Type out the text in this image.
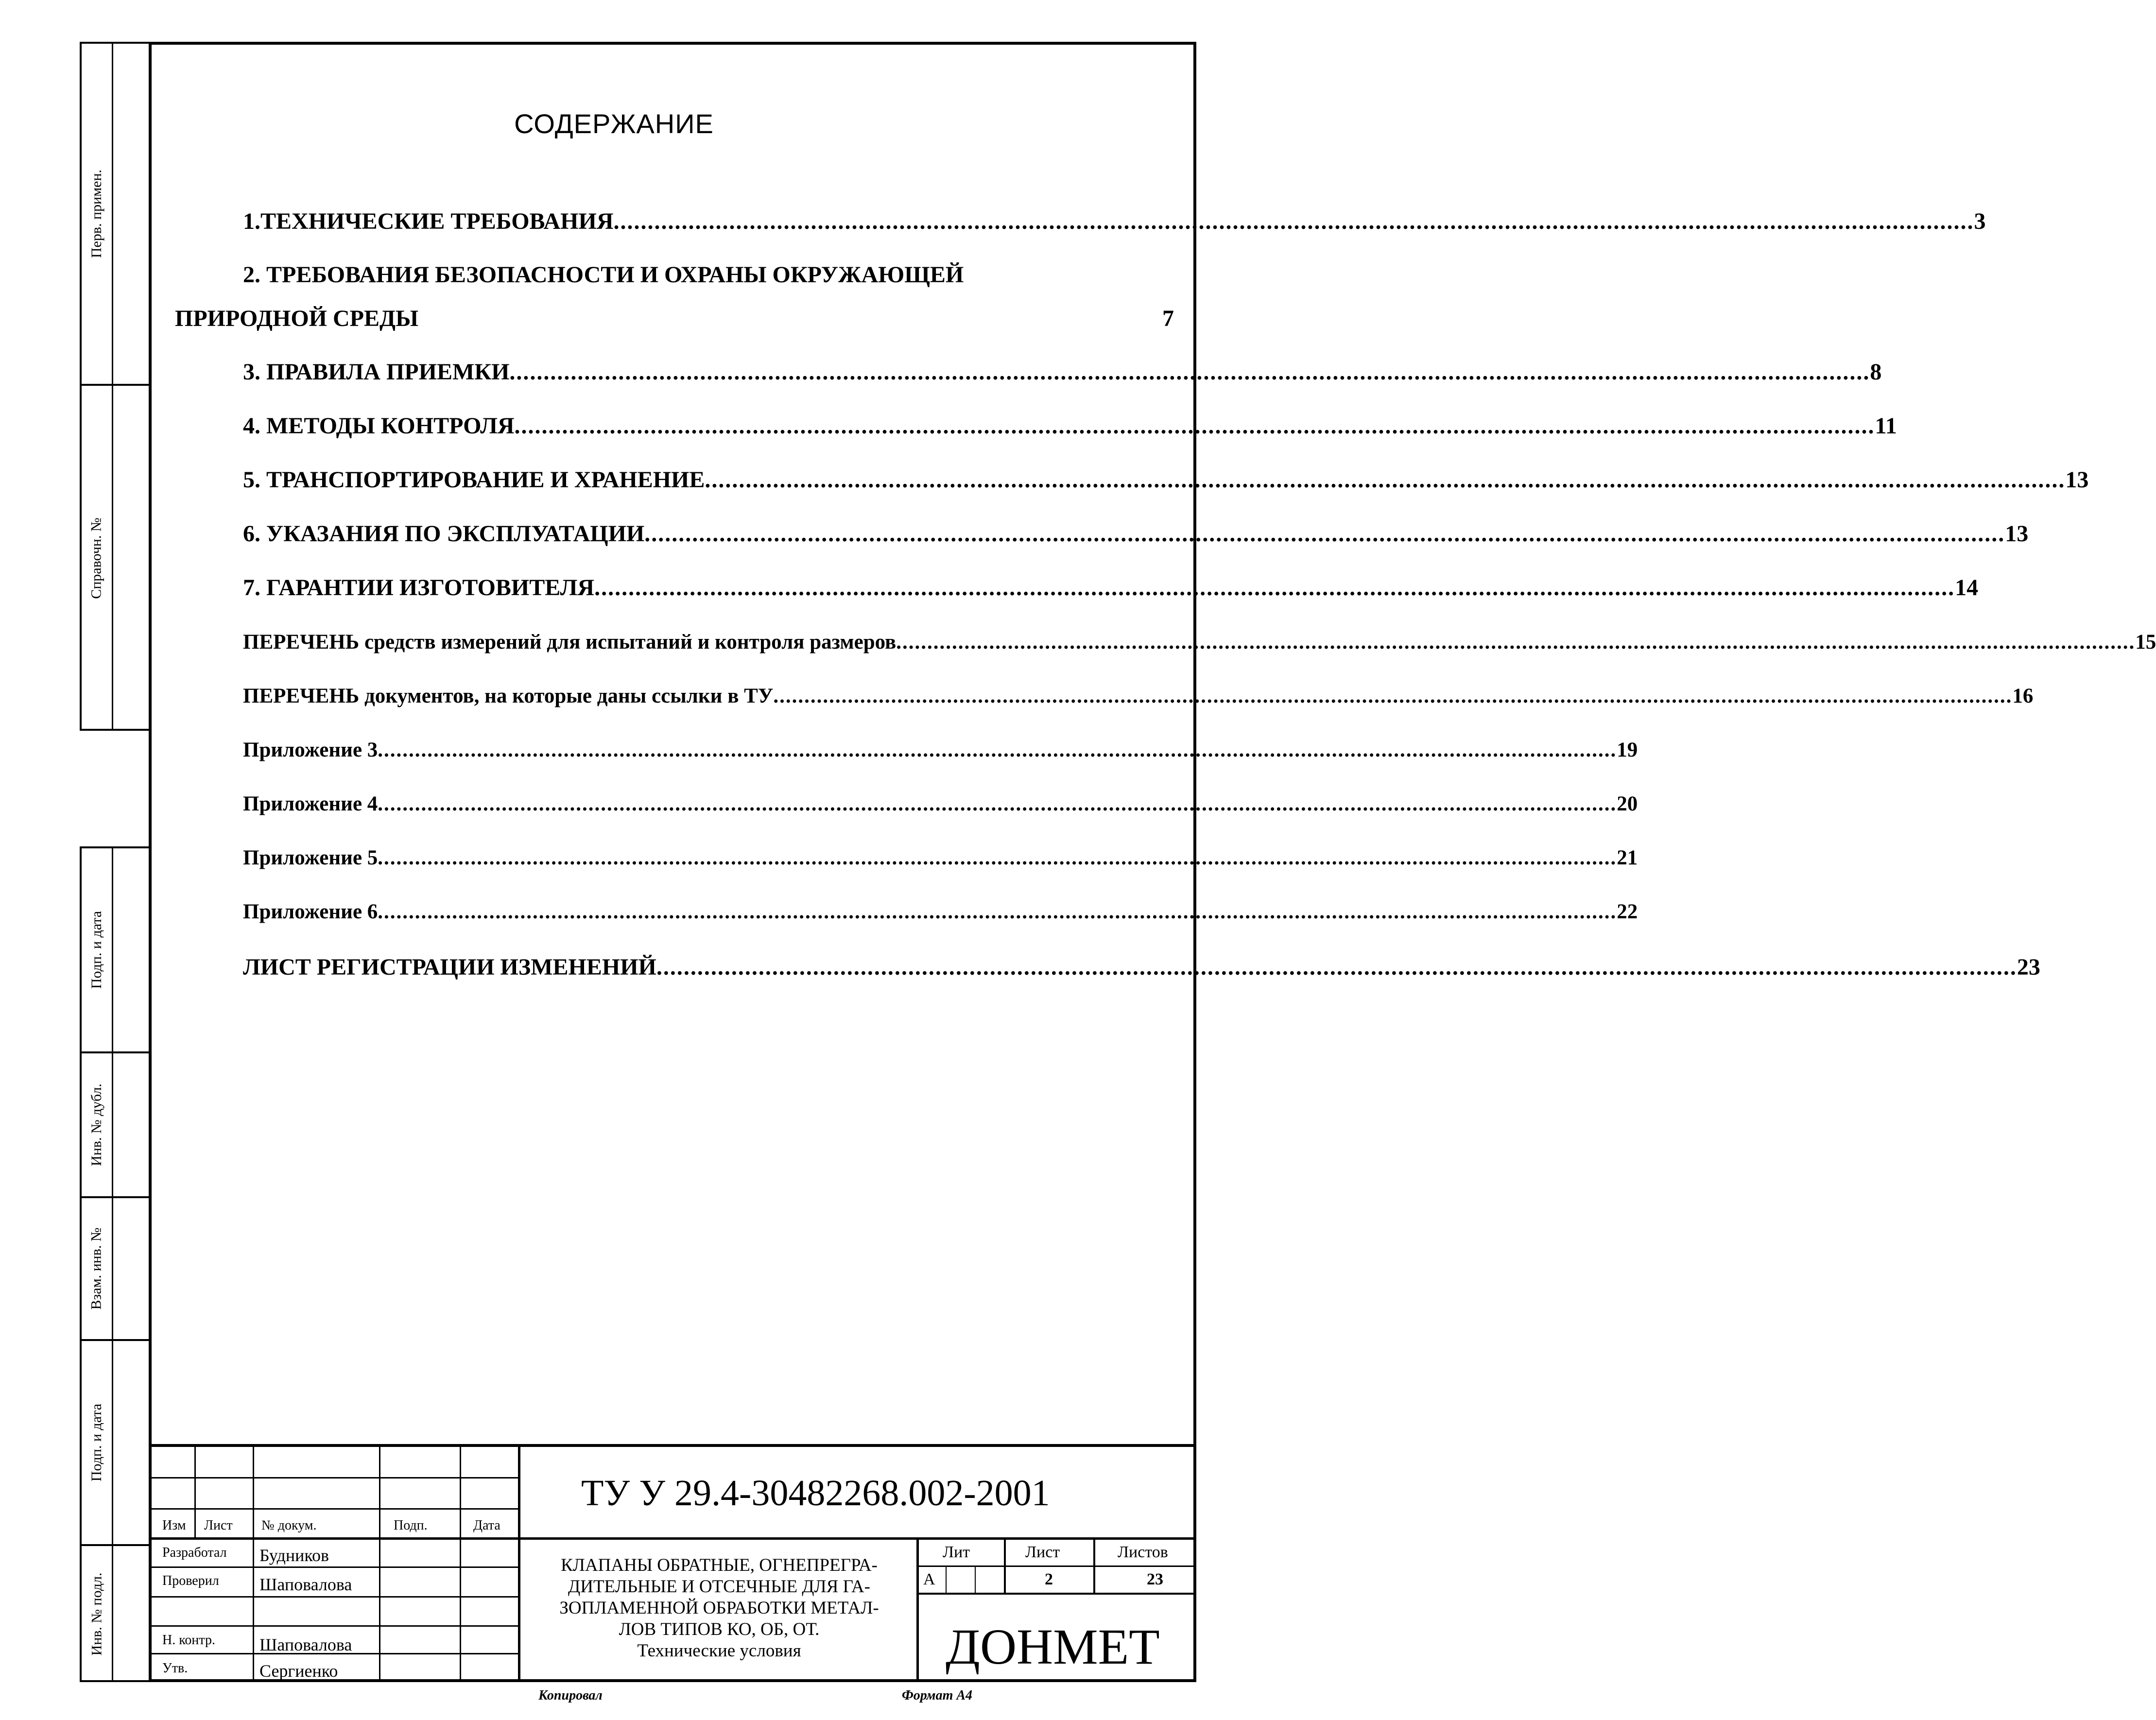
Перв. примен.
Справочн. №
Подп. и дата
Инв. № дубл.
Взам. инв. №
Подп. и дата
Инв. № подл.
СОДЕРЖАНИЕ
1.ТЕХНИЧЕСКИЕ ТРЕБОВАНИЯ ........................................................................................................................................................................................................ 3
2. ТРЕБОВАНИЯ БЕЗОПАСНОСТИ И ОХРАНЫ ОКРУЖАЮЩЕЙ
ПРИРОДНОЙ СРЕДЫ	7
3. ПРАВИЛА ПРИЕМКИ ........................................................................................................................................................................................................ 8
4. МЕТОДЫ КОНТРОЛЯ ........................................................................................................................................................................................................ 11
5. ТРАНСПОРТИРОВАНИЕ И ХРАНЕНИЕ ........................................................................................................................................................................................................ 13
6. УКАЗАНИЯ ПО ЭКСПЛУАТАЦИИ ........................................................................................................................................................................................................ 13
7. ГАРАНТИИ ИЗГОТОВИТЕЛЯ ........................................................................................................................................................................................................ 14
ПЕРЕЧЕНЬ средств измерений для испытаний и контроля размеров ........................................................................................................................................................................................................ 15
ПЕРЕЧЕНЬ документов, на которые даны ссылки в ТУ ........................................................................................................................................................................................................ 16
Приложение 3 ........................................................................................................................................................................................................ 19
Приложение 4 ........................................................................................................................................................................................................ 20
Приложение 5 ........................................................................................................................................................................................................ 21
Приложение 6 ........................................................................................................................................................................................................ 22
ЛИСТ РЕГИСТРАЦИИ ИЗМЕНЕНИЙ ........................................................................................................................................................................................................ 23
ТУ У 29.4-30482268.002-2001
Изм Лист № докум.	Подп.	Дата
Разработал Будников
Проверил Шаповалова
Н. контр.	Шаповалова
Утв.	Сергиенко
КЛАПАНЫ ОБРАТНЫЕ, ОГНЕПРЕГРА-
ДИТЕЛЬНЫЕ И ОТСЕЧНЫЕ ДЛЯ ГА-
ЗОПЛАМЕННОЙ ОБРАБОТКИ МЕТАЛ-
ЛОВ ТИПОВ КО, ОБ, ОТ.
Технические условия
Лит	Лист	Листов
А	2	23
ДОНМЕТ
Копировал	Формат А4
